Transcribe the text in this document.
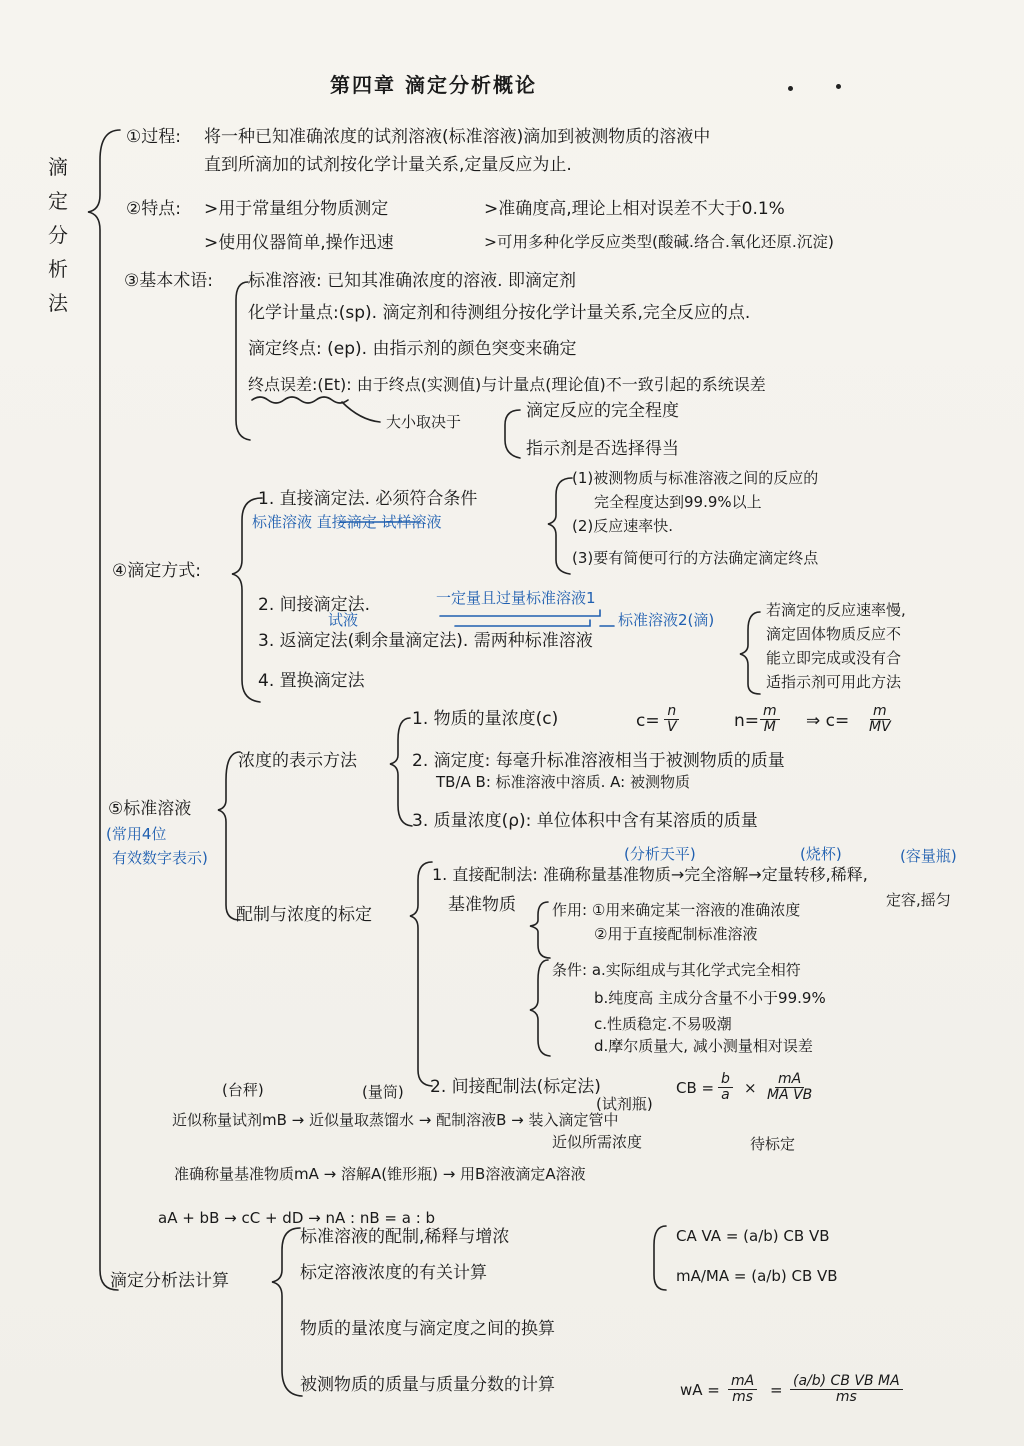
第四章 滴定分析概论
滴
定
分
析
法
①过程: 将一种已知准确浓度的试剂溶液(标准溶液)滴加到被测物质的溶液中
直到所滴加的试剂按化学计量关系,定量反应为止.
②特点: >用于常量组分物质测定	>准确度高,理论上相对误差不大于0.1%
>使用仪器简单,操作迅速	>可用多种化学反应类型(酸碱.络合.氧化还原.沉淀)
③基本术语: 标准溶液: 已知其准确浓度的溶液. 即滴定剂
化学计量点:(sp). 滴定剂和待测组分按化学计量关系,完全反应的点.
滴定终点: (ep). 由指示剂的颜色突变来确定
终点误差:(Et): 由于终点(实测值)与计量点(理论值)不一致引起的系统误差
大小取决于
滴定反应的完全程度
指示剂是否选择得当
④滴定方式:
1. 直接滴定法. 必须符合条件
标准溶液 直接滴定 试样溶液
(1)被测物质与标准溶液之间的反应的
完全程度达到99.9%以上
(2)反应速率快.
(3)要有简便可行的方法确定滴定终点
2. 间接滴定法.	一定量且过量标准溶液1
试液	标准溶液2(滴)
3. 返滴定法(剩余量滴定法). 需两种标准溶液
4. 置换滴定法
若滴定的反应速率慢,
滴定固体物质反应不
能立即完成或没有合
适指示剂可用此方法
⑤标准溶液
(常用4位
有效数字表示)
浓度的表示方法
1. 物质的量浓度(c)	$c= \frac{n}{V}$	$n= \frac{m}{M}$ ⇒ $c= \frac{m}{MV}$
2. 滴定度: 每毫升标准溶液相当于被测物质的质量
TB/A B: 标准溶液中溶质. A: 被测物质
3. 质量浓度(ρ): 单位体积中含有某溶质的质量
配制与浓度的标定
(分析天平)	(烧杯)	(容量瓶)
1. 直接配制法: 准确称量基准物质→完全溶解→定量转移,稀释,
定容,摇匀
基准物质 作用: ①用来确定某一溶液的准确浓度
②用于直接配制标准溶液
条件: a.实际组成与其化学式完全相符
b.纯度高 主成分含量不小于99.9%
c.性质稳定.不易吸潮
d.摩尔质量大, 减小测量相对误差
2. 间接配制法(标定法)	CB = $\frac{b}{a} \times \frac{mA}{\text{MA VB}}$
(台秤)	(量筒)
(试剂瓶)
近似称量试剂mB → 近似量取蒸馏水 → 配制溶液B → 装入滴定管中
近似所需浓度	待标定
准确称量基准物质mA → 溶解A(锥形瓶) → 用B溶液滴定A溶液
aA + bB → cC + dD → nA : nB = a : b
滴定分析法计算
标准溶液的配制,稀释与增浓
标定溶液浓度的有关计算
物质的量浓度与滴定度之间的换算
被测物质的质量与质量分数的计算
CA VA = (a/b) CB VB
mA/MA = (a/b) CB VB
wA = $\frac{mA}{ms} = \frac{\text{(a/b) CB VB MA}}{ms}$
